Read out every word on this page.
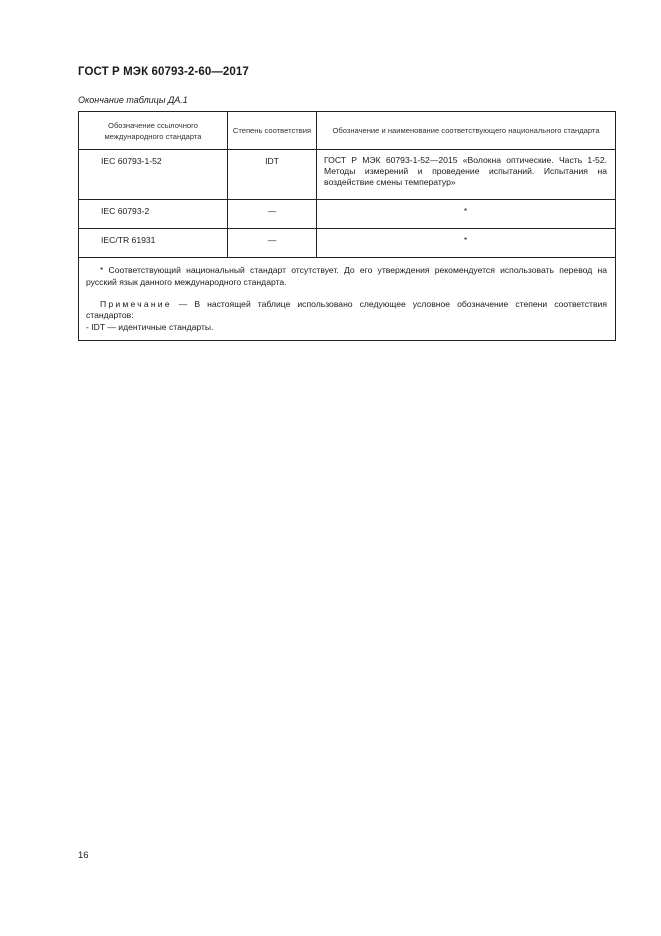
ГОСТ Р МЭК 60793-2-60—2017
Окончание таблицы ДА.1
Обозначение ссылочного международного стандарта	Степень соответствия	Обозначение и наименование соответствующего национального стандарта
IEC 60793-1-52	IDT	ГОСТ Р МЭК 60793-1-52—2015 «Волокна оптические. Часть 1-52. Методы измерений и проведение испытаний. Испытания на воздействие смены температур»
IEC 60793-2	—	*
IEC/TR 61931	—	*

* Соответствующий национальный стандарт отсутствует. До его утверждения рекомендуется использовать перевод на русский язык данного международного стандарта.

Примечание — В настоящей таблице использовано следующее условное обозначение степени соответствия стандартов:

- IDT — идентичные стандарты.		

16
